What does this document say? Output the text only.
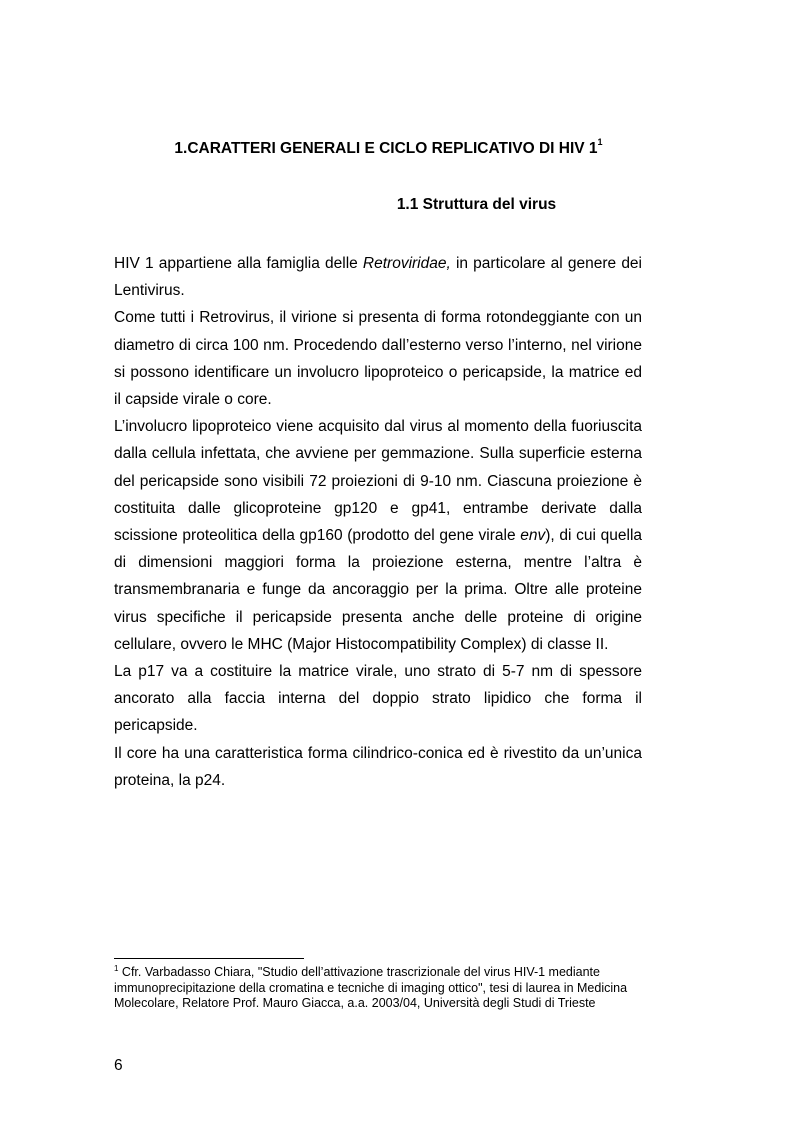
1.CARATTERI GENERALI E CICLO REPLICATIVO DI HIV $1^1$
1.1 Struttura del virus

HIV 1 appartiene alla famiglia delle Retroviridae, in particolare al genere dei Lentivirus.

Come tutti i Retrovirus, il virione si presenta di forma rotondeggiante con un diametro di circa 100 nm. Procedendo dall’esterno verso l’interno, nel virione si possono identificare un involucro lipoproteico o pericapside, la matrice ed il capside virale o core.

L’involucro lipoproteico viene acquisito dal virus al momento della fuoriuscita dalla cellula infettata, che avviene per gemmazione. Sulla superficie esterna del pericapside sono visibili 72 proiezioni di 9-10 nm. Ciascuna proiezione è costituita dalle glicoproteine gp120 e gp41, entrambe derivate dalla scissione proteolitica della gp160 (prodotto del gene virale env), di cui quella di dimensioni maggiori forma la proiezione esterna, mentre l’altra è transmembranaria e funge da ancoraggio per la prima. Oltre alle proteine virus specifiche il pericapside presenta anche delle proteine di origine cellulare, ovvero le MHC (Major Histocompatibility Complex) di classe II.

La p17 va a costituire la matrice virale, uno strato di 5-7 nm di spessore ancorato alla faccia interna del doppio strato lipidico che forma il pericapside.

Il core ha una caratteristica forma cilindrico-conica ed è rivestito da un’unica proteina, la p24.

$^1$ Cfr. Varbadasso Chiara, "Studio dell’attivazione trascrizionale del virus HIV-1 mediante immunoprecipitazione della cromatina e tecniche di imaging ottico", tesi di laurea in Medicina Molecolare, Relatore Prof. Mauro Giacca, a.a. 2003/04, Università degli Studi di Trieste
6
